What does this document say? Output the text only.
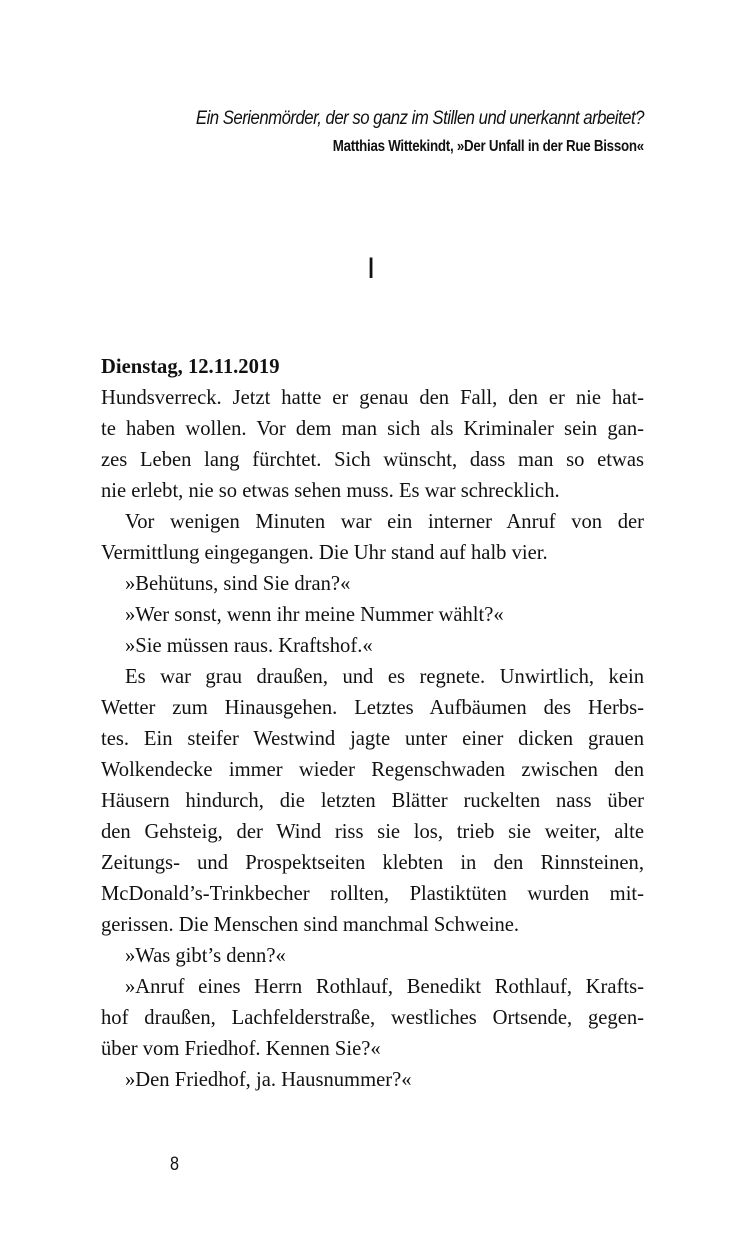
Ein Serienmörder, der so ganz im Stillen und unerkannt arbeitet?
Matthias Wittekindt, »Der Unfall in der Rue Bisson«
I
Dienstag, 12.11.2019
Hundsverreck. Jetzt hatte er genau den Fall, den er nie hat-
te haben wollen. Vor dem man sich als Kriminaler sein gan-
zes Leben lang fürchtet. Sich wünscht, dass man so etwas
nie erlebt, nie so etwas sehen muss. Es war schrecklich.
Vor wenigen Minuten war ein interner Anruf von der
Vermittlung eingegangen. Die Uhr stand auf halb vier.
»Behütuns, sind Sie dran?«
»Wer sonst, wenn ihr meine Nummer wählt?«
»Sie müssen raus. Kraftshof.«
Es war grau draußen, und es regnete. Unwirtlich, kein
Wetter zum Hinausgehen. Letztes Aufbäumen des Herbs-
tes. Ein steifer Westwind jagte unter einer dicken grauen
Wolkendecke immer wieder Regenschwaden zwischen den
Häusern hindurch, die letzten Blätter ruckelten nass über
den Gehsteig, der Wind riss sie los, trieb sie weiter, alte
Zeitungs- und Prospektseiten klebten in den Rinnsteinen,
McDonald’s-Trinkbecher rollten, Plastiktüten wurden mit-
gerissen. Die Menschen sind manchmal Schweine.
»Was gibt’s denn?«
»Anruf eines Herrn Rothlauf, Benedikt Rothlauf, Krafts-
hof draußen, Lachfelderstraße, westliches Ortsende, gegen-
über vom Friedhof. Kennen Sie?«
»Den Friedhof, ja. Hausnummer?«
8
